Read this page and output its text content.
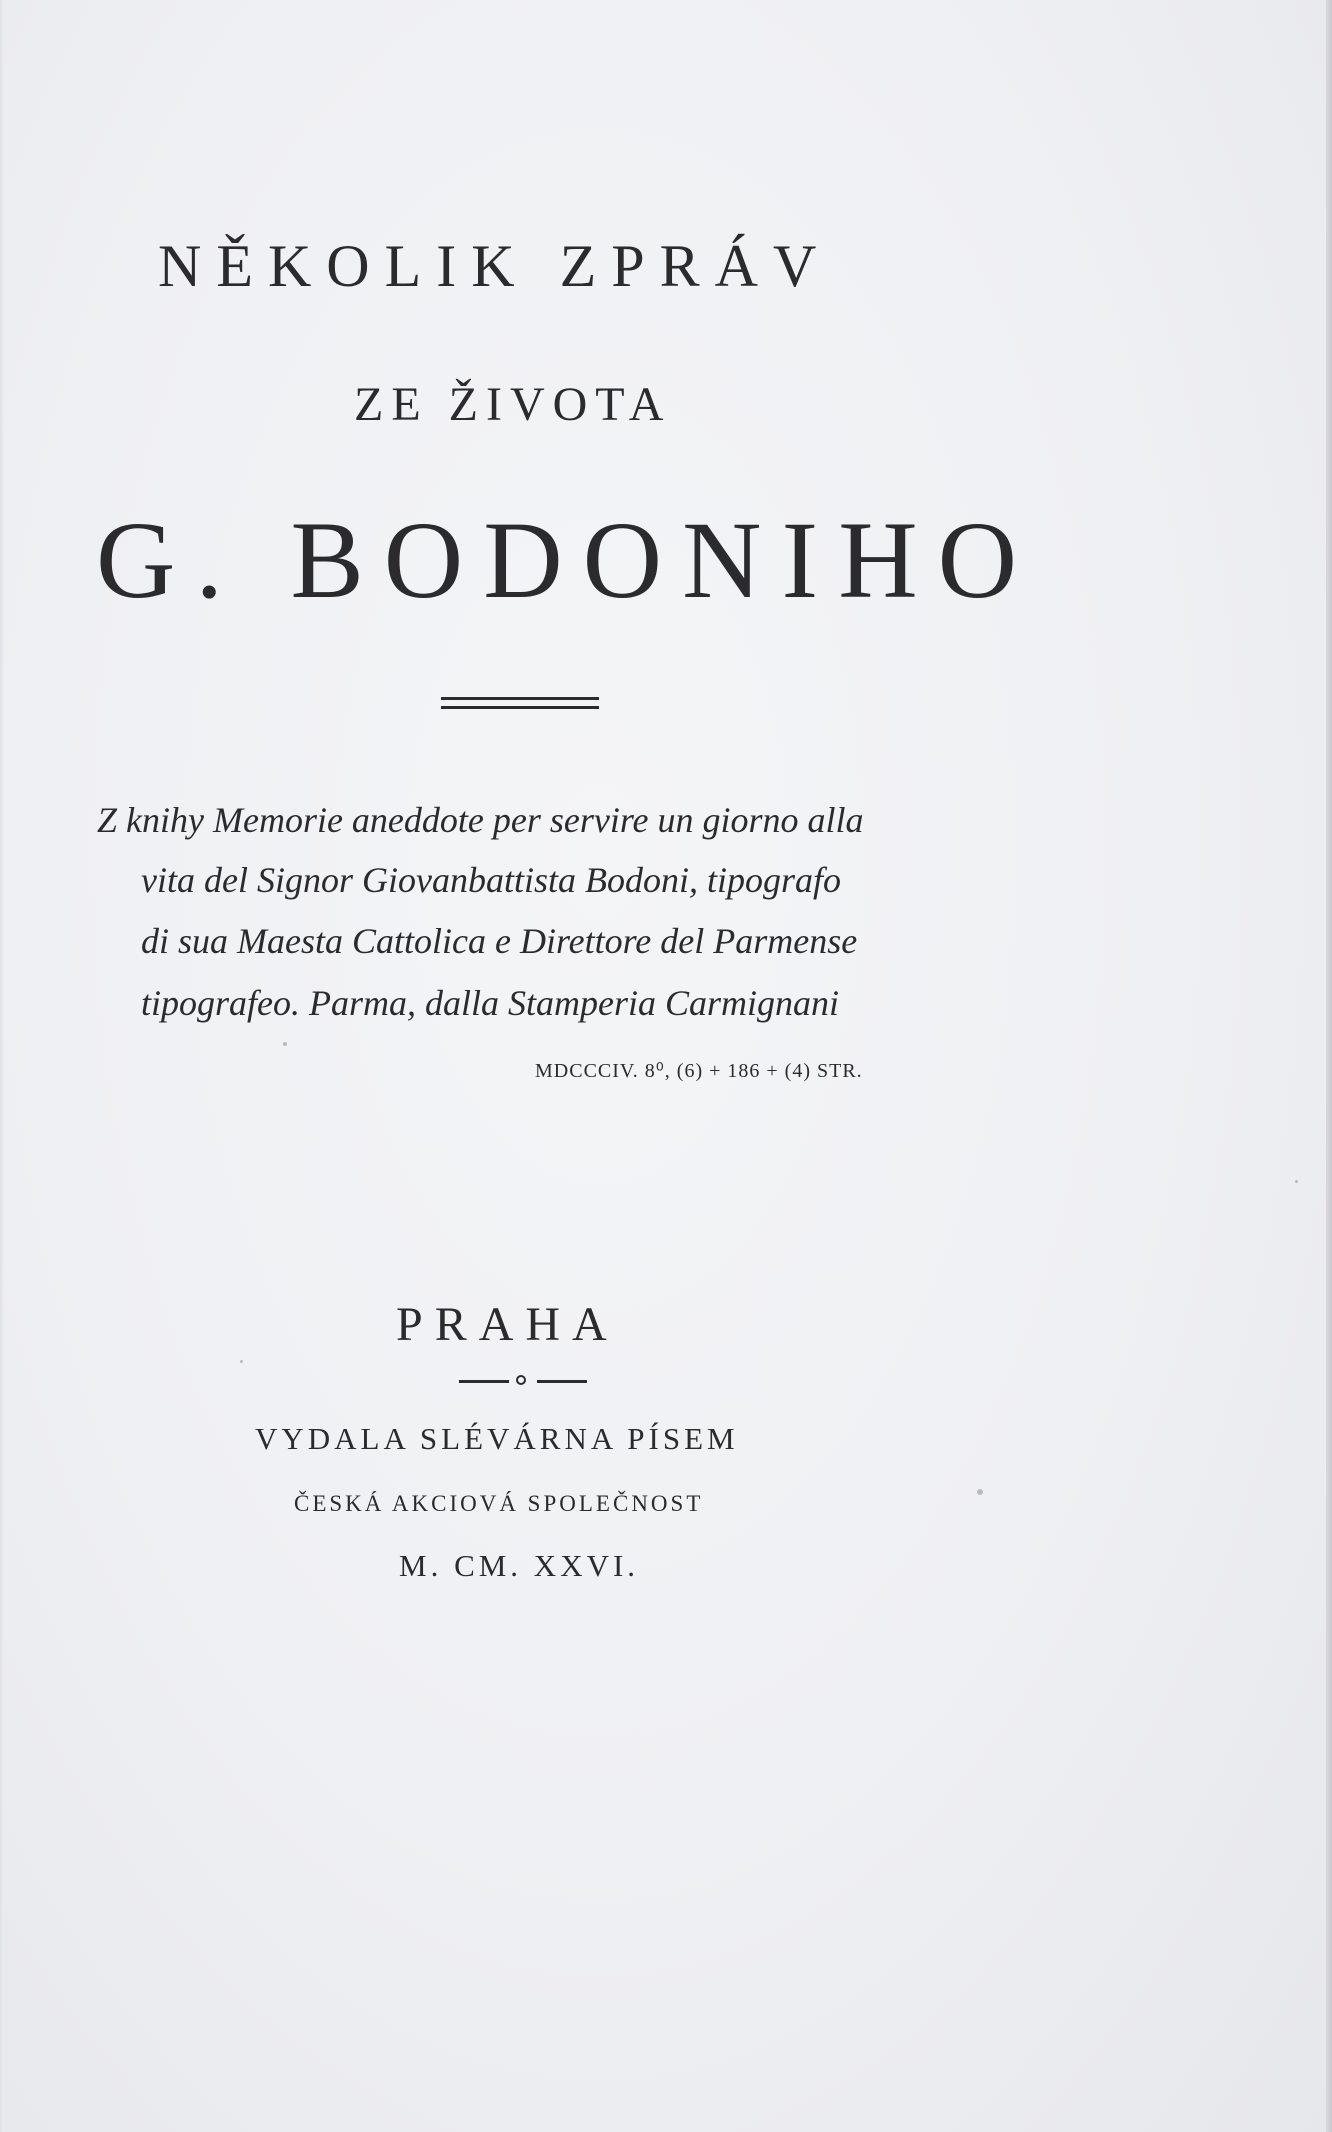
NĚKOLIK ZPRÁV
ZE ŽIVOTA
G. BODONIHO
Z knihy Memorie aneddote per servire un giorno alla
vita del Signor Giovanbattista Bodoni, tipografo
di sua Maesta Cattolica e Direttore del Parmense
tipografeo. Parma, dalla Stamperia Carmignani
MDCCCIV. 8⁰, (6) + 186 + (4) STR.
PRAHA
VYDALA SLÉVÁRNA PÍSEM
ČESKÁ AKCIOVÁ SPOLEČNOST
M. CM. XXVI.
